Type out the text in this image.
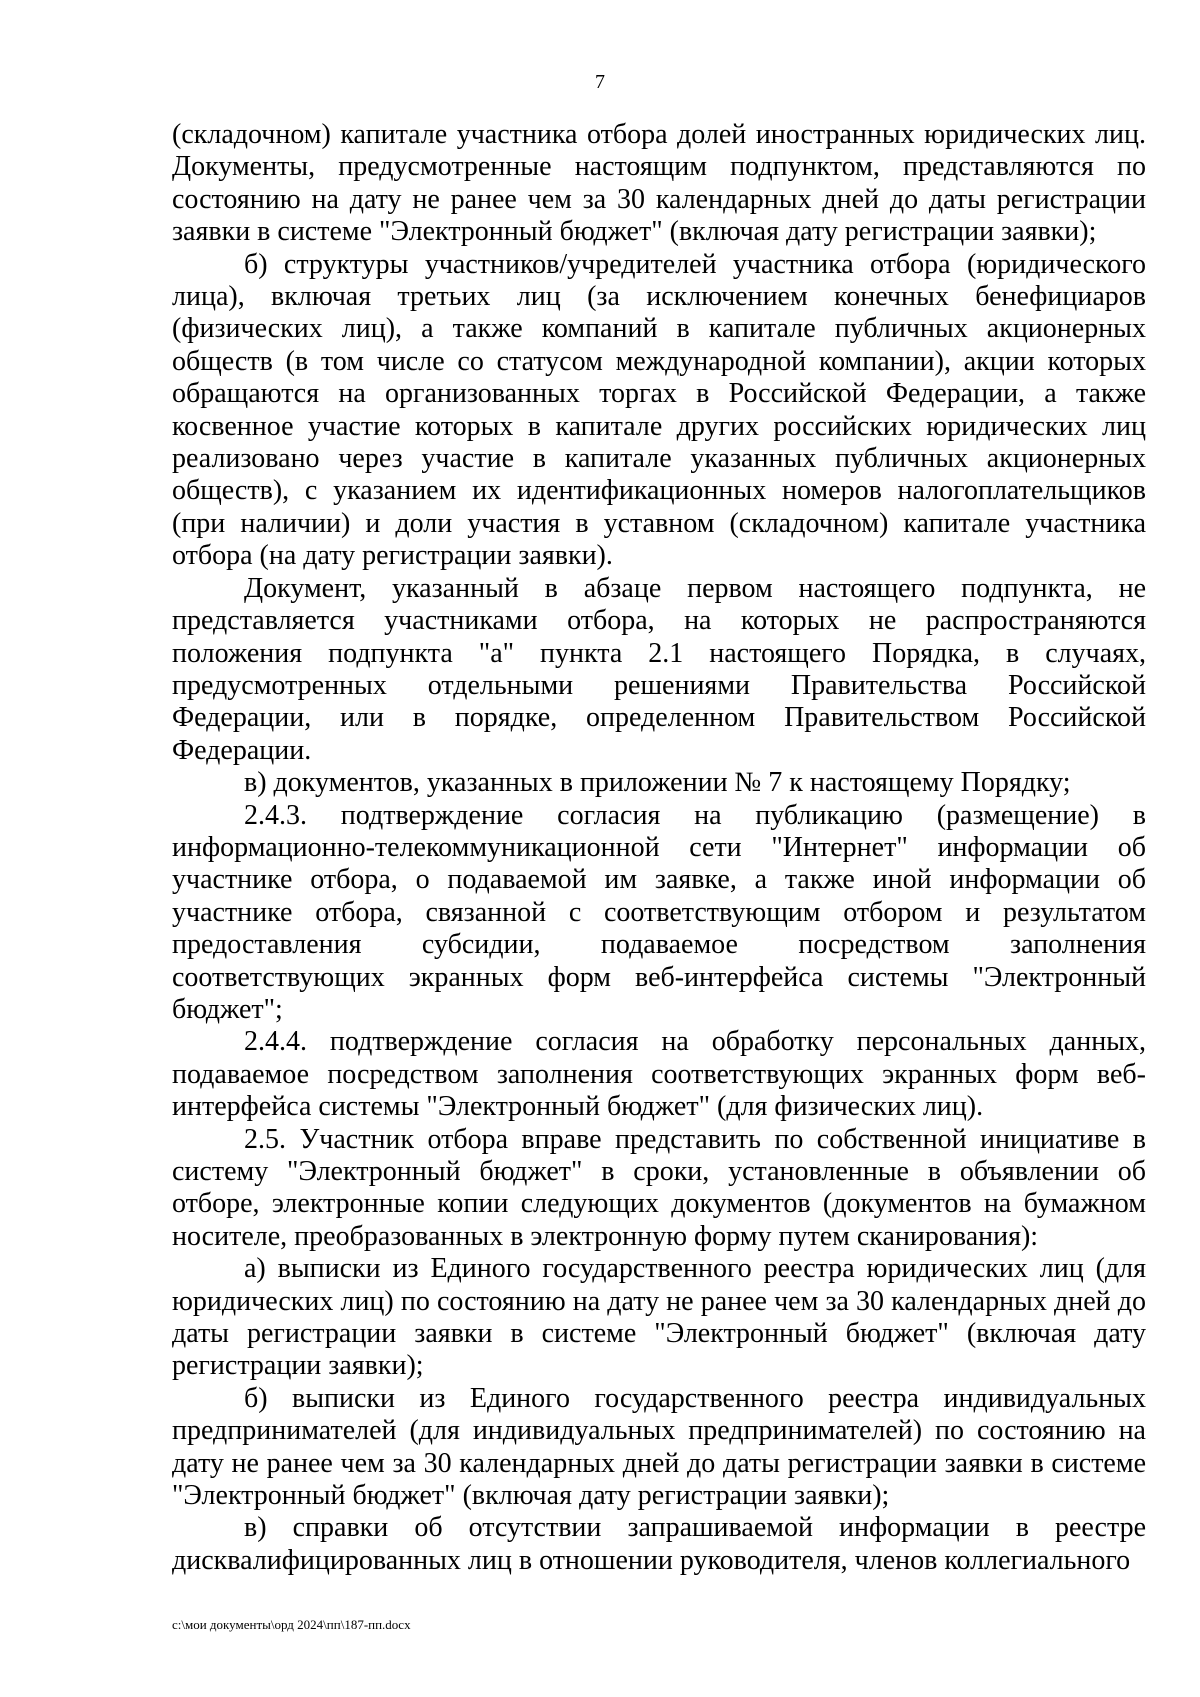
7

(складочном) капитале участника отбора долей иностранных юридических лиц. Документы, предусмотренные настоящим подпунктом, представляются по состоянию на дату не ранее чем за 30 календарных дней до даты регистрации заявки в системе "Электронный бюджет" (включая дату регистрации заявки);

б) структуры участников/учредителей участника отбора (юридического лица), включая третьих лиц (за исключением конечных бенефициаров (физических лиц), а также компаний в капитале публичных акционерных обществ (в том числе со статусом международной компании), акции которых обращаются на организованных торгах в Российской Федерации, а также косвенное участие которых в капитале других российских юридических лиц реализовано через участие в капитале указанных публичных акционерных обществ), с указанием их идентификационных номеров налогоплательщиков (при наличии) и доли участия в уставном (складочном) капитале участника отбора (на дату регистрации заявки).

Документ, указанный в абзаце первом настоящего подпункта, не представляется участниками отбора, на которых не распространяются положения подпункта "а" пункта 2.1 настоящего Порядка, в случаях, предусмотренных отдельными решениями Правительства Российской Федерации, или в порядке, определенном Правительством Российской Федерации.

в) документов, указанных в приложении № 7 к настоящему Порядку;

2.4.3. подтверждение согласия на публикацию (размещение) в информационно-телекоммуникационной сети "Интернет" информации об участнике отбора, о подаваемой им заявке, а также иной информации об участнике отбора, связанной с соответствующим отбором и результатом предоставления субсидии, подаваемое посредством заполнения соответствующих экранных форм веб-интерфейса системы "Электронный бюджет";

2.4.4. подтверждение согласия на обработку персональных данных, подаваемое посредством заполнения соответствующих экранных форм веб-интерфейса системы "Электронный бюджет" (для физических лиц).

2.5. Участник отбора вправе представить по собственной инициативе в систему "Электронный бюджет" в сроки, установленные в объявлении об отборе, электронные копии следующих документов (документов на бумажном носителе, преобразованных в электронную форму путем сканирования):

а) выписки из Единого государственного реестра юридических лиц (для юридических лиц) по состоянию на дату не ранее чем за 30 календарных дней до даты регистрации заявки в системе "Электронный бюджет" (включая дату регистрации заявки);

б) выписки из Единого государственного реестра индивидуальных предпринимателей (для индивидуальных предпринимателей) по состоянию на дату не ранее чем за 30 календарных дней до даты регистрации заявки в системе "Электронный бюджет" (включая дату регистрации заявки);

в) справки об отсутствии запрашиваемой информации в реестре дисквалифицированных лиц в отношении руководителя, членов коллегиального

c:\мои документы\орд 2024\пп\187-пп.docx
